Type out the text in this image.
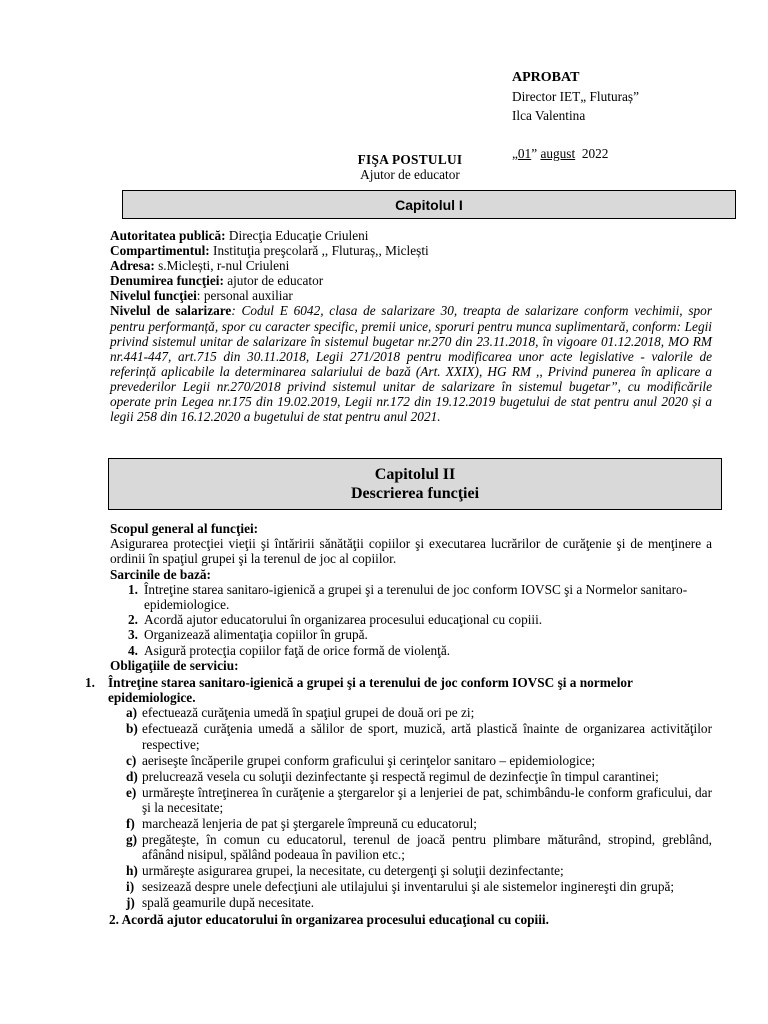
APROBAT
Director IET„ Fluturaș”
Ilca Valentina
„01” august 2022
FIŞA POSTULUI
Ajutor de educator
Capitolul I
Autoritatea publică: Direcţia Educaţie Criuleni
Compartimentul: Instituţia preşcolară ,, Fluturaș,, Miclești
Adresa: s.Miclești, r-nul Criuleni
Denumirea funcţiei: ajutor de educator
Nivelul funcţiei: personal auxiliar
Nivelul de salarizare: Codul E 6042, clasa de salarizare 30, treapta de salarizare conform vechimii, spor pentru performanță, spor cu caracter specific, premii unice, sporuri pentru munca suplimentară, conform: Legii privind sistemul unitar de salarizare în sistemul bugetar nr.270 din 23.11.2018, în vigoare 01.12.2018, MO RM nr.441-447, art.715 din 30.11.2018, Legii 271/2018 pentru modificarea unor acte legislative - valorile de referință aplicabile la determinarea salariului de bază (Art. XXIX), HG RM ,, Privind punerea în aplicare a prevederilor Legii nr.270/2018 privind sistemul unitar de salarizare în sistemul bugetar”, cu modificările operate prin Legea nr.175 din 19.02.2019, Legii nr.172 din 19.12.2019 bugetului de stat pentru anul 2020 și a legii 258 din 16.12.2020 a bugetului de stat pentru anul 2021.
Capitolul II
Descrierea funcţiei
Scopul general al funcţiei:
Asigurarea protecţiei vieţii şi întăririi sănătăţii copiilor şi executarea lucrărilor de curăţenie şi de menţinere a ordinii în spaţiul grupei şi la terenul de joc al copiilor.
Sarcinile de bază:
1. Întreţine starea sanitaro-igienică a grupei şi a terenului de joc conform IOVSC şi a Normelor sanitaro-epidemiologice.
2. Acordă ajutor educatorului în organizarea procesului educaţional cu copiii.
3. Organizează alimentaţia copiilor în grupă.
4. Asigură protecţia copiilor faţă de orice formă de violenţă.
Obligaţiile de serviciu:
1. Întreţine starea sanitaro-igienică a grupei şi a terenului de joc conform IOVSC şi a normelor epidemiologice.
a) efectuează curăţenia umedă în spaţiul grupei de două ori pe zi;
b) efectuează curăţenia umedă a sălilor de sport, muzică, artă plastică înainte de organizarea activităţilor respective;
c) aeriseşte încăperile grupei conform graficului şi cerinţelor sanitaro – epidemiologice;
d) prelucrează vesela cu soluţii dezinfectante şi respectă regimul de dezinfecţie în timpul carantinei;
e) urmăreşte întreţinerea în curăţenie a ştergarelor şi a lenjeriei de pat, schimbându-le conform graficului, dar şi la necesitate;
f) marchează lenjeria de pat şi ştergarele împreună cu educatorul;
g) pregăteşte, în comun cu educatorul, terenul de joacă pentru plimbare măturând, stropind, greblând, afânând nisipul, spălând podeaua în pavilion etc.;
h) urmăreşte asigurarea grupei, la necesitate, cu detergenţi şi soluţii dezinfectante;
i) sesizează despre unele defecţiuni ale utilajului şi inventarului şi ale sistemelor inginereşti din grupă;
j) spală geamurile după necesitate.
2. Acordă ajutor educatorului în organizarea procesului educaţional cu copiii.
